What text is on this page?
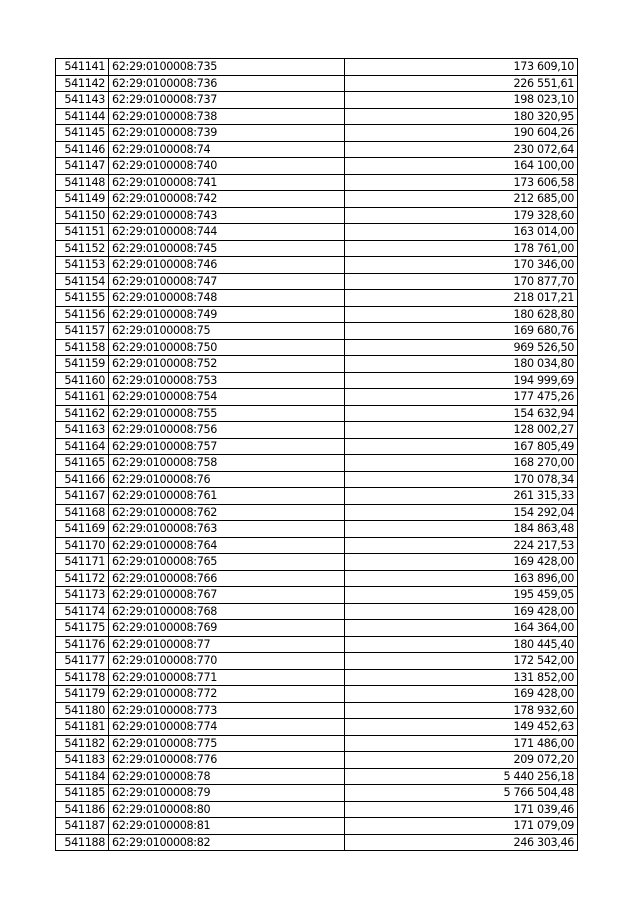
541141	62:29:0100008:735	173 609,10
541142	62:29:0100008:736	226 551,61
541143	62:29:0100008:737	198 023,10
541144	62:29:0100008:738	180 320,95
541145	62:29:0100008:739	190 604,26
541146	62:29:0100008:74	230 072,64
541147	62:29:0100008:740	164 100,00
541148	62:29:0100008:741	173 606,58
541149	62:29:0100008:742	212 685,00
541150	62:29:0100008:743	179 328,60
541151	62:29:0100008:744	163 014,00
541152	62:29:0100008:745	178 761,00
541153	62:29:0100008:746	170 346,00
541154	62:29:0100008:747	170 877,70
541155	62:29:0100008:748	218 017,21
541156	62:29:0100008:749	180 628,80
541157	62:29:0100008:75	169 680,76
541158	62:29:0100008:750	969 526,50
541159	62:29:0100008:752	180 034,80
541160	62:29:0100008:753	194 999,69
541161	62:29:0100008:754	177 475,26
541162	62:29:0100008:755	154 632,94
541163	62:29:0100008:756	128 002,27
541164	62:29:0100008:757	167 805,49
541165	62:29:0100008:758	168 270,00
541166	62:29:0100008:76	170 078,34
541167	62:29:0100008:761	261 315,33
541168	62:29:0100008:762	154 292,04
541169	62:29:0100008:763	184 863,48
541170	62:29:0100008:764	224 217,53
541171	62:29:0100008:765	169 428,00
541172	62:29:0100008:766	163 896,00
541173	62:29:0100008:767	195 459,05
541174	62:29:0100008:768	169 428,00
541175	62:29:0100008:769	164 364,00
541176	62:29:0100008:77	180 445,40
541177	62:29:0100008:770	172 542,00
541178	62:29:0100008:771	131 852,00
541179	62:29:0100008:772	169 428,00
541180	62:29:0100008:773	178 932,60
541181	62:29:0100008:774	149 452,63
541182	62:29:0100008:775	171 486,00
541183	62:29:0100008:776	209 072,20
541184	62:29:0100008:78	5 440 256,18
541185	62:29:0100008:79	5 766 504,48
541186	62:29:0100008:80	171 039,46
541187	62:29:0100008:81	171 079,09
541188	62:29:0100008:82	246 303,46
